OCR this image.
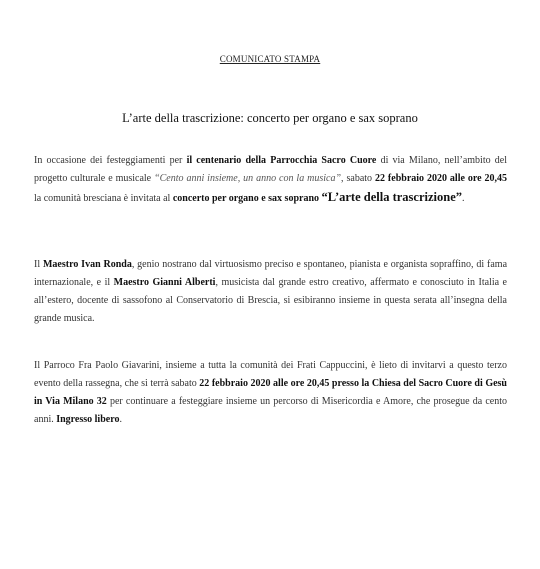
COMUNICATO STAMPA
L’arte della trascrizione: concerto per organo e sax soprano
In occasione dei festeggiamenti per il centenario della Parrocchia Sacro Cuore di via Milano, nell’ambito del progetto culturale e musicale “Cento anni insieme, un anno con la musica”, sabato 22 febbraio 2020 alle ore 20,45 la comunità bresciana è invitata al concerto per organo e sax soprano “L’arte della trascrizione”.
Il Maestro Ivan Ronda, genio nostrano dal virtuosismo preciso e spontaneo, pianista e organista sopraffino, di fama internazionale, e il Maestro Gianni Alberti, musicista dal grande estro creativo, affermato e conosciuto in Italia e all’estero, docente di sassofono al Conservatorio di Brescia, si esibiranno insieme in questa serata all’insegna della grande musica.
Il Parroco Fra Paolo Giavarini, insieme a tutta la comunità dei Frati Cappuccini, è lieto di invitarvi a questo terzo evento della rassegna, che si terrà sabato 22 febbraio 2020 alle ore 20,45 presso la Chiesa del Sacro Cuore di Gesù in Via Milano 32 per continuare a festeggiare insieme un percorso di Misericordia e Amore, che prosegue da cento anni. Ingresso libero.
